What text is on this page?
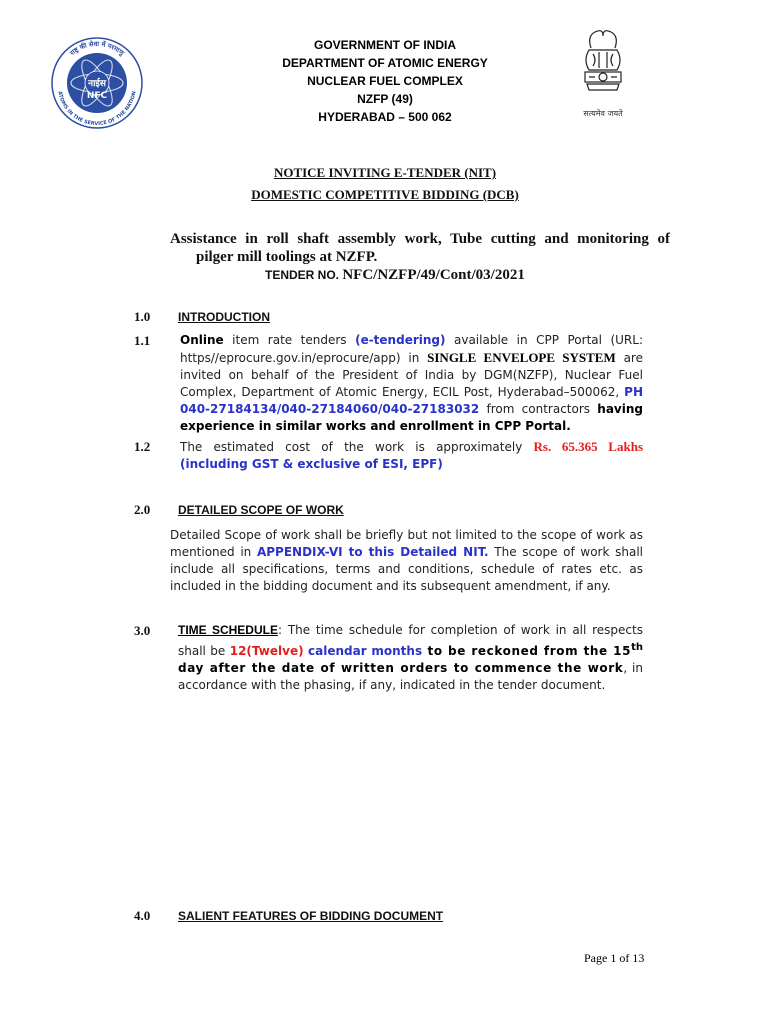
नाईस
NFC
राष्ट्र की सेवा में परमाणु
ATOMS IN THE SERVICE OF THE NATION
GOVERNMENT OF INDIA
DEPARTMENT OF ATOMIC ENERGY
NUCLEAR FUEL COMPLEX
NZFP (49)
HYDERABAD – 500 062	सत्यमेव जयते
NOTICE INVITING E-TENDER (NIT)
DOMESTIC COMPETITIVE BIDDING (DCB)
Assistance in roll shaft assembly work, Tube cutting and monitoring of
pilger mill toolings at NZFP.
TENDER NO. NFC/NZFP/49/Cont/03/2021
1.0 INTRODUCTION
1.1 Online item rate tenders (e-tendering) available in CPP Portal (URL: https//eprocure.gov.in/eprocure/app) in SINGLE ENVELOPE SYSTEM are invited on behalf of the President of India by DGM(NZFP), Nuclear Fuel Complex, Department of Atomic Energy, ECIL Post, Hyderabad–500062, PH 040-27184134/040-27184060/040-27183032 from contractors having experience in similar works and enrollment in CPP Portal.
1.2 The estimated cost of the work is approximately Rs. 65.365 Lakhs
(including GST & exclusive of ESI, EPF)
2.0 DETAILED SCOPE OF WORK
Detailed Scope of work shall be briefly but not limited to the scope of work as mentioned in APPENDIX-VI to this Detailed NIT. The scope of work shall include all specifications, terms and conditions, schedule of rates etc. as included in the bidding document and its subsequent amendment, if any.
3.0 TIME SCHEDULE: The time schedule for completion of work in all respects shall be 12(Twelve) calendar months to be reckoned from the 15th day after the date of written orders to commence the work, in accordance with the phasing, if any, indicated in the tender document.
4.0 SALIENT FEATURES OF BIDDING DOCUMENT
Page 1 of 13
